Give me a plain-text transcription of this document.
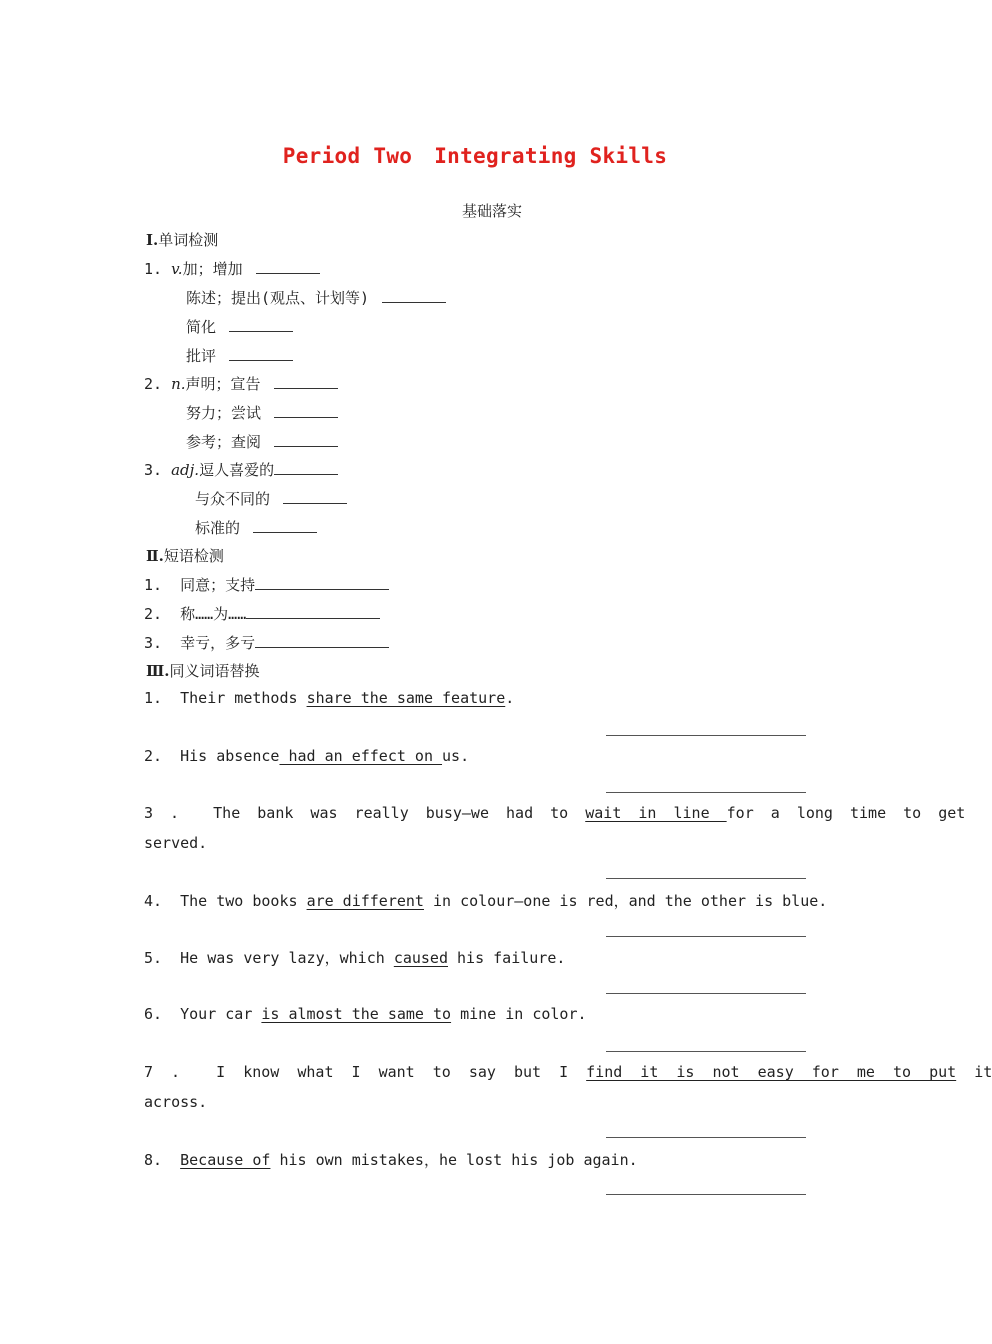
Period Two Integrating Skills
基础落实
Ⅰ.单词检测
1. v.加；增加
陈述；提出(观点、计划等)
简化
批评
2. n.声明；宣告
努力；尝试
参考；查阅
3. adj.逗人喜爱的
与众不同的
标准的
Ⅱ.短语检测
1. 同意；支持
2. 称……为……
3. 幸亏，多亏
Ⅲ.同义词语替换
1. Their methods share the same feature.
2. His absence had an effect on us.
3 . The bank was really busy—we had to wait in line for a long time to get
served.
4. The two books are different in colour—one is red，and the other is blue.
5. He was very lazy，which caused his failure.
6. Your car is almost the same to mine in color.
7 . I know what I want to say but I find it is not easy for me to put it
across.
8. Because of his own mistakes，he lost his job again.
